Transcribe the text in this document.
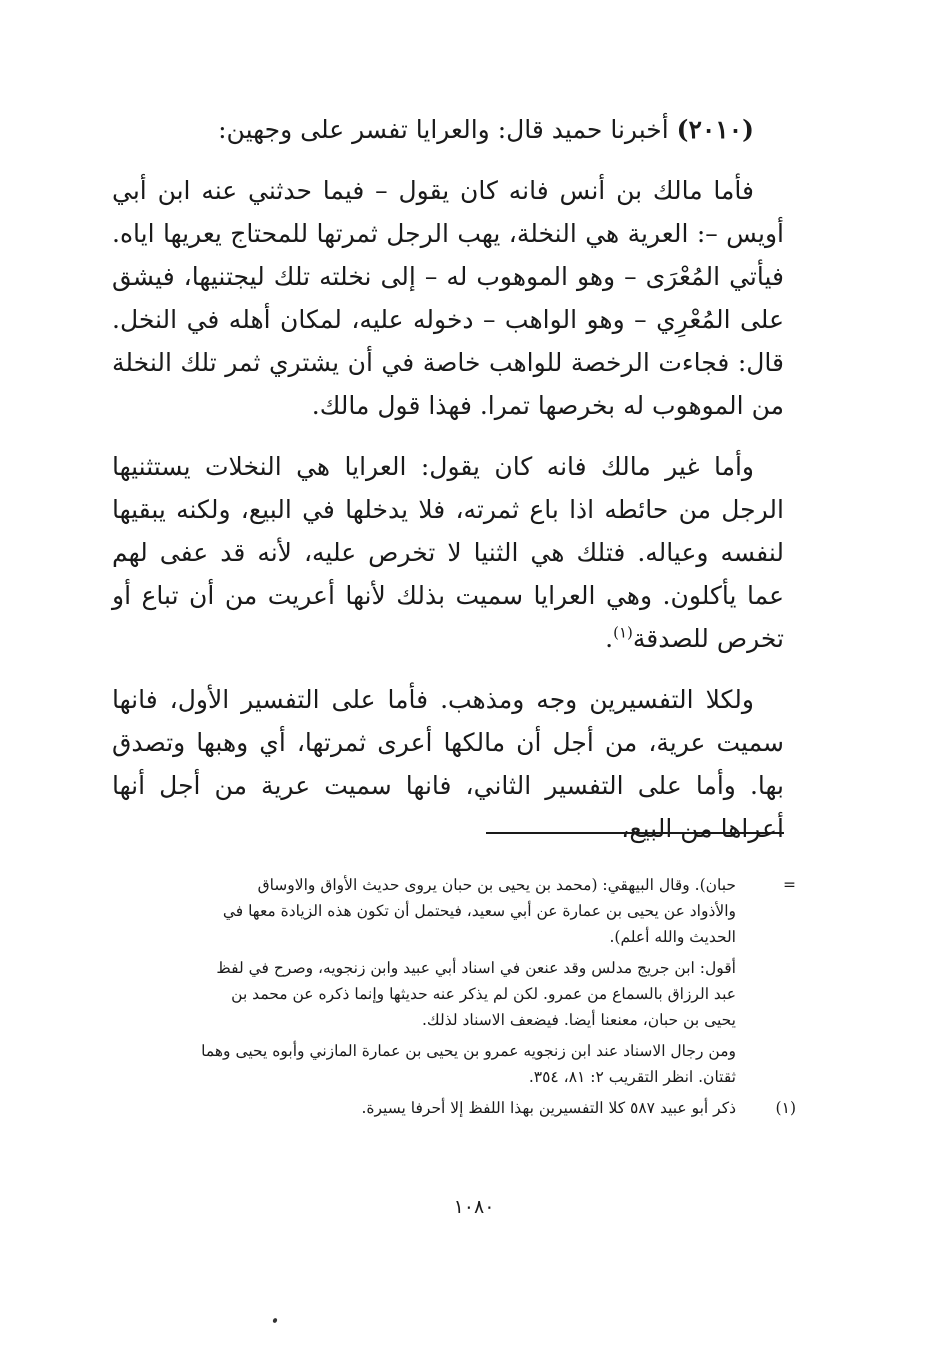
(٢٠١٠) أخبرنا حميد قال: والعرايا تفسر على وجهين:

فأما مالك بن أنس فانه كان يقول – فيما حدثني عنه ابن أبي أويس –: العرية هي النخلة، يهب الرجل ثمرتها للمحتاج يعريها اياه. فيأتي المُعْرَى – وهو الموهوب له – إلى نخلته تلك ليجتنيها، فيشق على المُعْرِي – وهو الواهب – دخوله عليه، لمكان أهله في النخل. قال: فجاءت الرخصة للواهب خاصة في أن يشتري ثمر تلك النخلة من الموهوب له بخرصها تمرا. فهذا قول مالك.

وأما غير مالك فانه كان يقول: العرايا هي النخلات يستثنيها الرجل من حائطه اذا باع ثمرته، فلا يدخلها في البيع، ولكنه يبقيها لنفسه وعياله. فتلك هي الثنيا لا تخرص عليه، لأنه قد عفى لهم عما يأكلون. وهي العرايا سميت بذلك لأنها أعريت من أن تباع أو تخرص للصدقة$^{(١)}$.

ولكلا التفسيرين وجه ومذهب. فأما على التفسير الأول، فانها سميت عرية، من أجل أن مالكها أعرى ثمرتها، أي وهبها وتصدق بها. وأما على التفسير الثاني، فانها سميت عرية من أجل أنها أعراها من البيع،

=
حبان). وقال البيهقي: (محمد بن يحيى بن حبان يروى حديث الأواق والاوساق
والأذواد عن يحيى بن عمارة عن أبي سعيد، فيحتمل أن تكون هذه الزيادة معها في
الحديث والله أعلم).
أقول: ابن جريج مدلس وقد عنعن في اسناد أبي عبيد وابن زنجويه، وصرح في لفظ
عبد الرزاق بالسماع من عمرو. لكن لم يذكر عنه حديثها وإنما ذكره عن محمد بن
يحيى بن حبان، معنعنا أيضا. فيضعف الاسناد لذلك.
ومن رجال الاسناد عند ابن زنجويه عمرو بن يحيى بن عمارة المازني وأبوه يحيى وهما
ثقتان. انظر التقريب ٢: ٨١، ٣٥٤.
(١)
ذكر أبو عبيد ٥٨٧ كلا التفسيرين بهذا اللفظ إلا أحرفا يسيرة.
١٠٨٠
